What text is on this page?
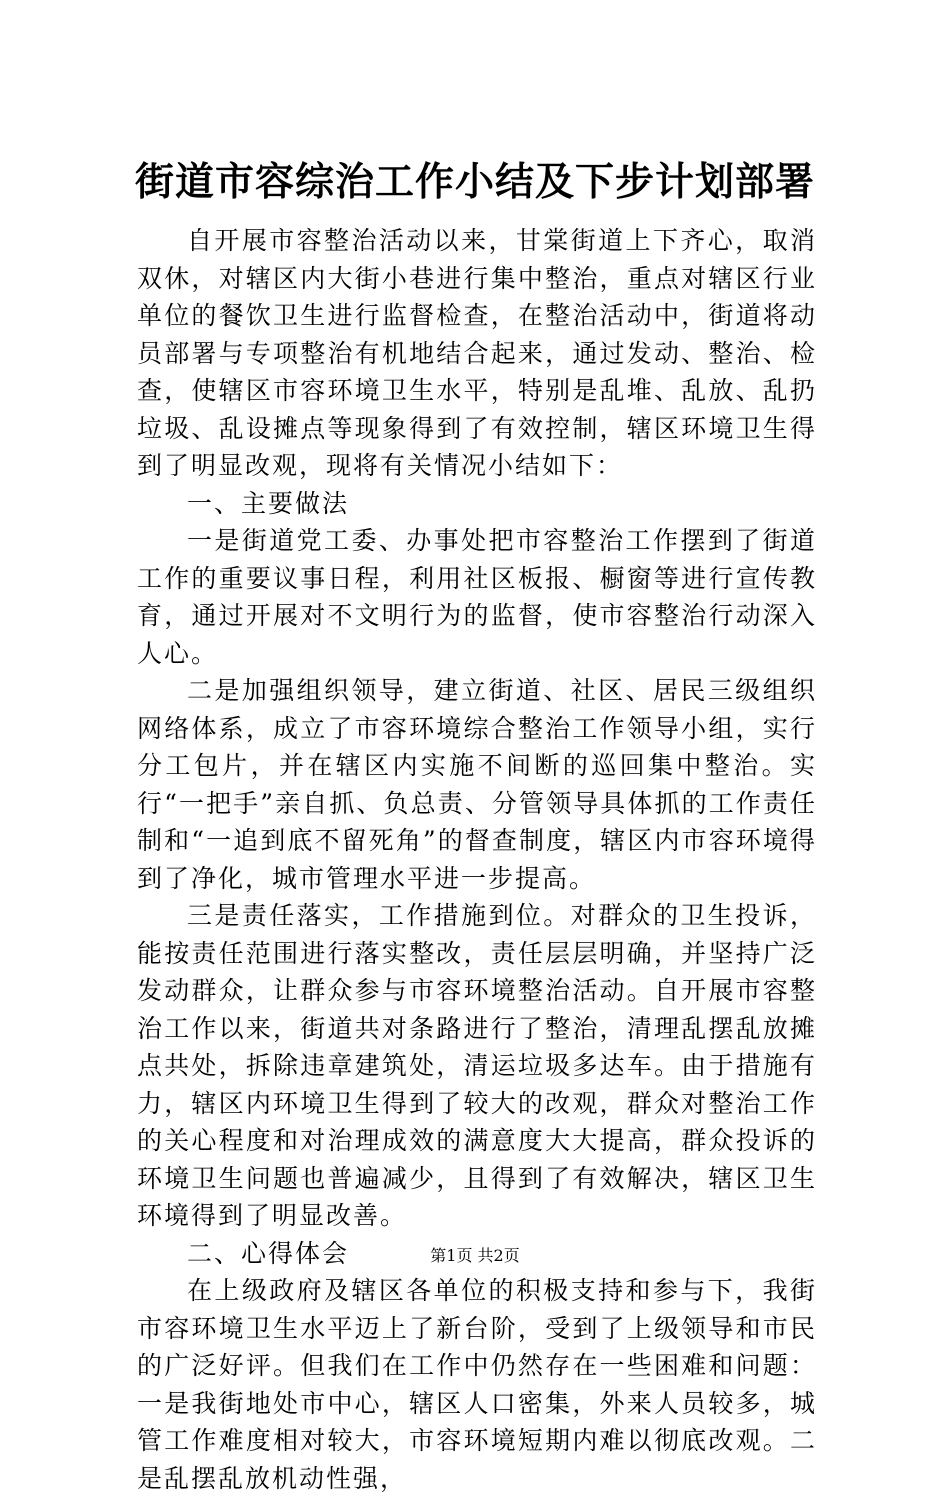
街道市容综治工作小结及下步计划部署

自开展市容整治活动以来，甘棠街道上下齐心，取消双休，对辖区内大街小巷进行集中整治，重点对辖区行业单位的餐饮卫生进行监督检查，在整治活动中，街道将动员部署与专项整治有机地结合起来，通过发动、整治、检查，使辖区市容环境卫生水平，特别是乱堆、乱放、乱扔垃圾、乱设摊点等现象得到了有效控制，辖区环境卫生得到了明显改观，现将有关情况小结如下：

一、主要做法

一是街道党工委、办事处把市容整治工作摆到了街道工作的重要议事日程，利用社区板报、橱窗等进行宣传教育，通过开展对不文明行为的监督，使市容整治行动深入人心。

二是加强组织领导，建立街道、社区、居民三级组织网络体系，成立了市容环境综合整治工作领导小组，实行分工包片，并在辖区内实施不间断的巡回集中整治。实行“一把手”亲自抓、负总责、分管领导具体抓的工作责任制和“一追到底不留死角”的督查制度，辖区内市容环境得到了净化，城市管理水平进一步提高。

三是责任落实，工作措施到位。对群众的卫生投诉，能按责任范围进行落实整改，责任层层明确，并坚持广泛发动群众，让群众参与市容环境整治活动。自开展市容整治工作以来，街道共对条路进行了整治，清理乱摆乱放摊点共处，拆除违章建筑处，清运垃圾多达车。由于措施有力，辖区内环境卫生得到了较大的改观，群众对整治工作的关心程度和对治理成效的满意度大大提高，群众投诉的环境卫生问题也普遍减少，且得到了有效解决，辖区卫生环境得到了明显改善。

二、心得体会

在上级政府及辖区各单位的积极支持和参与下，我街市容环境卫生水平迈上了新台阶，受到了上级领导和市民的广泛好评。但我们在工作中仍然存在一些困难和问题：一是我街地处市中心，辖区人口密集，外来人员较多，城管工作难度相对较大，市容环境短期内难以彻底改观。二是乱摆乱放机动性强，

第1页 共2页
